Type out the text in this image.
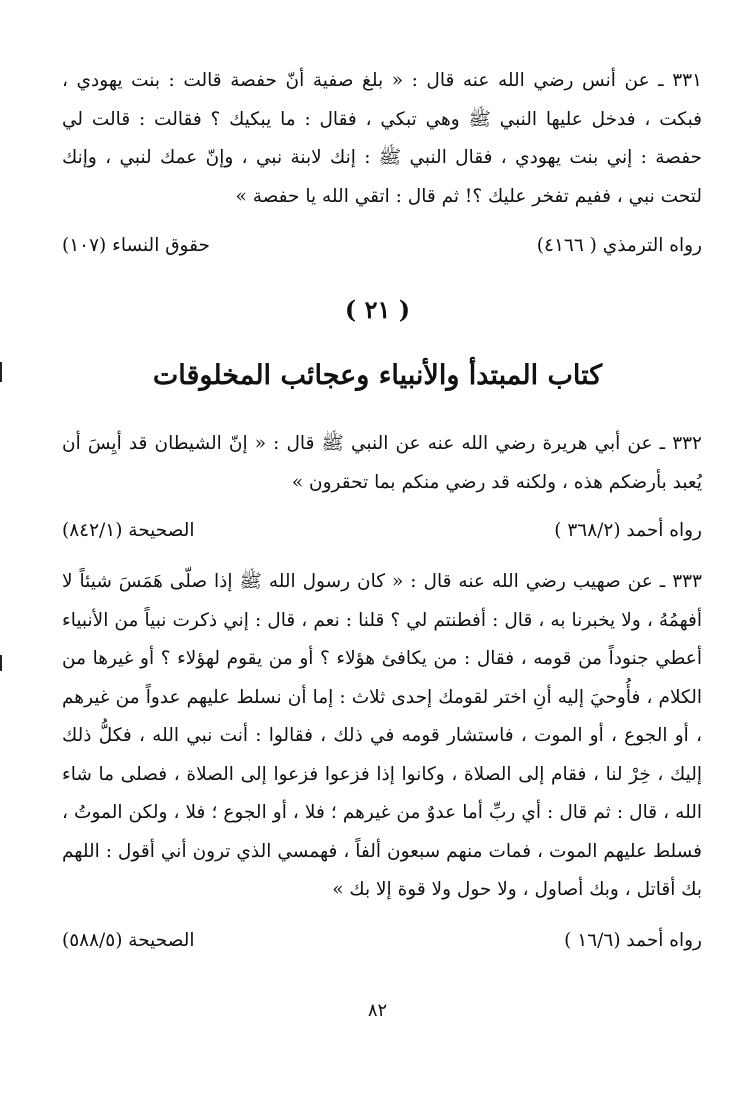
٣٣١ ـ عن أنس رضي الله عنه قال : « بلغ صفية أنّ حفصة قالت : بنت يهودي ، فبكت ، فدخل عليها النبي ﷺ وهي تبكي ، فقال : ما يبكيك ؟ فقالت : قالت لي حفصة : إني بنت يهودي ، فقال النبي ﷺ : إنك لابنة نبي ، وإنّ عمك لنبي ، وإنك لتحت نبي ، ففيم تفخر عليك ؟! ثم قال : اتقي الله يا حفصة »
رواه الترمذي ( ٤١٦٦)
حقوق النساء (١٠٧)
( ٢١ )
كتاب المبتدأ والأنبياء وعجائب المخلوقات
٣٣٢ ـ عن أبي هريرة رضي الله عنه عن النبي ﷺ قال : « إنّ الشيطان قد أيِسَ أن يُعبد بأرضكم هذه ، ولكنه قد رضي منكم بما تحقرون »
رواه أحمد (٣٦٨/٢ )
الصحيحة (٨٤٢/١)
٣٣٣ ـ عن صهيب رضي الله عنه قال : « كان رسول الله ﷺ إذا صلّى هَمَسَ شيئاً لا أفهمُهُ ، ولا يخبرنا به ، قال : أفطنتم لي ؟ قلنا : نعم ، قال : إني ذكرت نبياً من الأنبياء أعطي جنوداً من قومه ، فقال : من يكافئ هؤلاء ؟ أو من يقوم لهؤلاء ؟ أو غيرها من الكلام ، فأُوحيَ إليه أنِ اختر لقومك إحدى ثلاث : إما أن نسلط عليهم عدواً من غيرهم ، أو الجوع ، أو الموت ، فاستشار قومه في ذلك ، فقالوا : أنت نبي الله ، فكلُّ ذلك إليك ، خِرْ لنا ، فقام إلى الصلاة ، وكانوا إذا فزعوا فزعوا إلى الصلاة ، فصلى ما شاء الله ، قال : ثم قال : أي ربِّ أما عدوٌ من غيرهم ؛ فلا ، أو الجوع ؛ فلا ، ولكن الموتُ ، فسلط عليهم الموت ، فمات منهم سبعون ألفاً ، فهمسي الذي ترون أني أقول : اللهم بك أقاتل ، وبك أصاول ، ولا حول ولا قوة إلا بك »
رواه أحمد (١٦/٦ )
الصحيحة (٥٨٨/٥)
٨٢
